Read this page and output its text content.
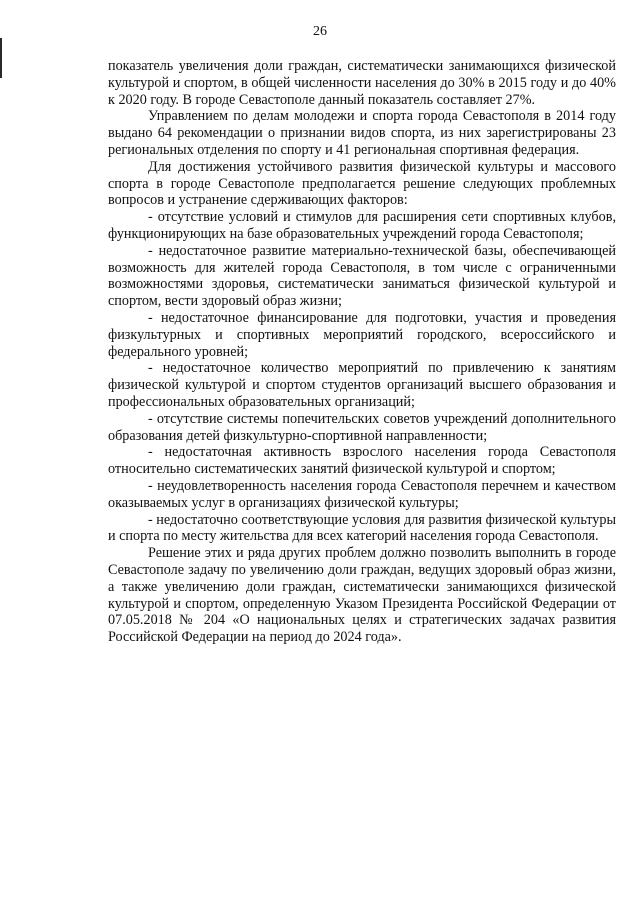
26

показатель увеличения доли граждан, систематически занимающихся физической культурой и спортом, в общей численности населения до 30% в 2015 году и до 40% к 2020 году. В городе Севастополе данный показатель составляет 27%.

Управлением по делам молодежи и спорта города Севастополя в 2014 году выдано 64 рекомендации о признании видов спорта, из них зарегистрированы 23 региональных отделения по спорту и 41 региональная спортивная федерация.

Для достижения устойчивого развития физической культуры и массового спорта в городе Севастополе предполагается решение следующих проблемных вопросов и устранение сдерживающих факторов:

- отсутствие условий и стимулов для расширения сети спортивных клубов, функционирующих на базе образовательных учреждений города Севастополя;

- недостаточное развитие материально-технической базы, обеспечивающей возможность для жителей города Севастополя, в том числе с ограниченными возможностями здоровья, систематически заниматься физической культурой и спортом, вести здоровый образ жизни;

- недостаточное финансирование для подготовки, участия и проведения физкультурных и спортивных мероприятий городского, всероссийского и федерального уровней;

- недостаточное количество мероприятий по привлечению к занятиям физической культурой и спортом студентов организаций высшего образования и профессиональных образовательных организаций;

- отсутствие системы попечительских советов учреждений дополнительного образования детей физкультурно-спортивной направленности;

- недостаточная активность взрослого населения города Севастополя относительно систематических занятий физической культурой и спортом;

- неудовлетворенность населения города Севастополя перечнем и качеством оказываемых услуг в организациях физической культуры;

- недостаточно соответствующие условия для развития физической культуры и спорта по месту жительства для всех категорий населения города Севастополя.

Решение этих и ряда других проблем должно позволить выполнить в городе Севастополе задачу по увеличению доли граждан, ведущих здоровый образ жизни, а также увеличению доли граждан, систематически занимающихся физической культурой и спортом, определенную Указом Президента Российской Федерации от 07.05.2018 № 204 «О национальных целях и стратегических задачах развития Российской Федерации на период до 2024 года».
